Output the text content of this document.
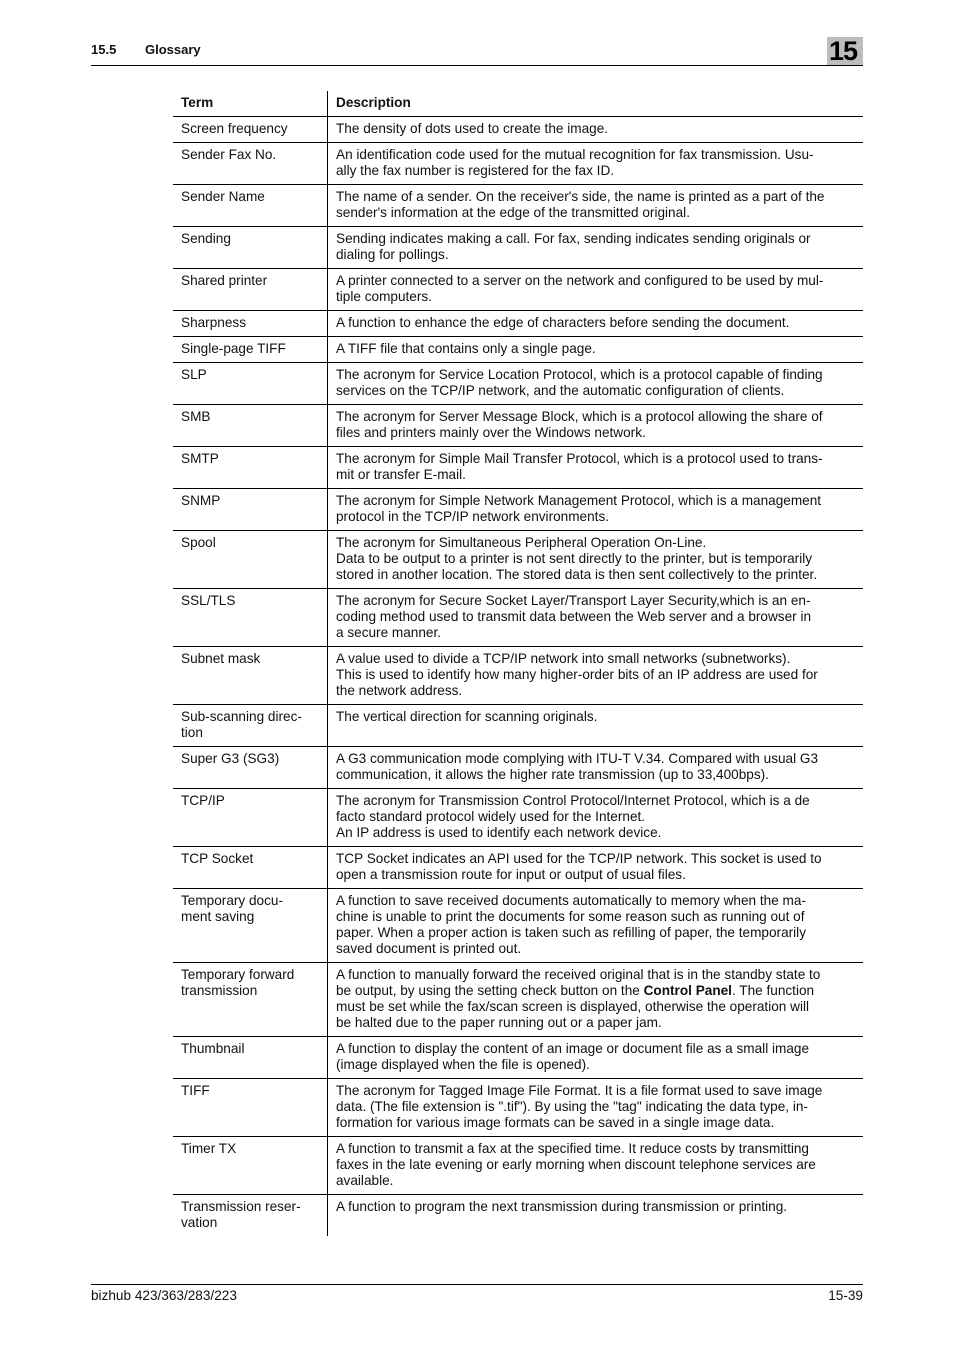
15.5 Glossary	15
Term	Description

Screen frequency	The density of dots used to create the image.

Sender Fax No.	An identification code used for the mutual recognition for fax transmission. Usu-
ally the fax number is registered for the fax ID.

Sender Name	The name of a sender. On the receiver's side, the name is printed as a part of the
sender's information at the edge of the transmitted original.

Sending	Sending indicates making a call. For fax, sending indicates sending originals or
dialing for pollings.

Shared printer	A printer connected to a server on the network and configured to be used by mul-
tiple computers.

Sharpness	A function to enhance the edge of characters before sending the document.

Single-page TIFF	A TIFF file that contains only a single page.

SLP	The acronym for Service Location Protocol, which is a protocol capable of finding
services on the TCP/IP network, and the automatic configuration of clients.

SMB	The acronym for Server Message Block, which is a protocol allowing the share of
files and printers mainly over the Windows network.

SMTP	The acronym for Simple Mail Transfer Protocol, which is a protocol used to trans-
mit or transfer E-mail.

SNMP	The acronym for Simple Network Management Protocol, which is a management
protocol in the TCP/IP network environments.

Spool	The acronym for Simultaneous Peripheral Operation On-Line.
Data to be output to a printer is not sent directly to the printer, but is temporarily
stored in another location. The stored data is then sent collectively to the printer.

SSL/TLS	The acronym for Secure Socket Layer/Transport Layer Security,which is an en-
coding method used to transmit data between the Web server and a browser in
a secure manner.

Subnet mask	A value used to divide a TCP/IP network into small networks (subnetworks).
This is used to identify how many higher-order bits of an IP address are used for
the network address.

Sub-scanning direc-
tion	The vertical direction for scanning originals.

Super G3 (SG3)	A G3 communication mode complying with ITU-T V.34. Compared with usual G3
communication, it allows the higher rate transmission (up to 33,400bps).

TCP/IP	The acronym for Transmission Control Protocol/Internet Protocol, which is a de
facto standard protocol widely used for the Internet.
An IP address is used to identify each network device.

TCP Socket	TCP Socket indicates an API used for the TCP/IP network. This socket is used to
open a transmission route for input or output of usual files.

Temporary docu-
ment saving	A function to save received documents automatically to memory when the ma-
chine is unable to print the documents for some reason such as running out of
paper. When a proper action is taken such as refilling of paper, the temporarily
saved document is printed out.

Temporary forward
transmission	A function to manually forward the received original that is in the standby state to
be output, by using the setting check button on the Control Panel. The function
must be set while the fax/scan screen is displayed, otherwise the operation will
be halted due to the paper running out or a paper jam.

Thumbnail	A function to display the content of an image or document file as a small image
(image displayed when the file is opened).

TIFF	The acronym for Tagged Image File Format. It is a file format used to save image
data. (The file extension is ".tif"). By using the "tag" indicating the data type, in-
formation for various image formats can be saved in a single image data.

Timer TX	A function to transmit a fax at the specified time. It reduce costs by transmitting
faxes in the late evening or early morning when discount telephone services are
available.

Transmission reser-
vation	A function to program the next transmission during transmission or printing.

bizhub 423/363/283/223	15-39
